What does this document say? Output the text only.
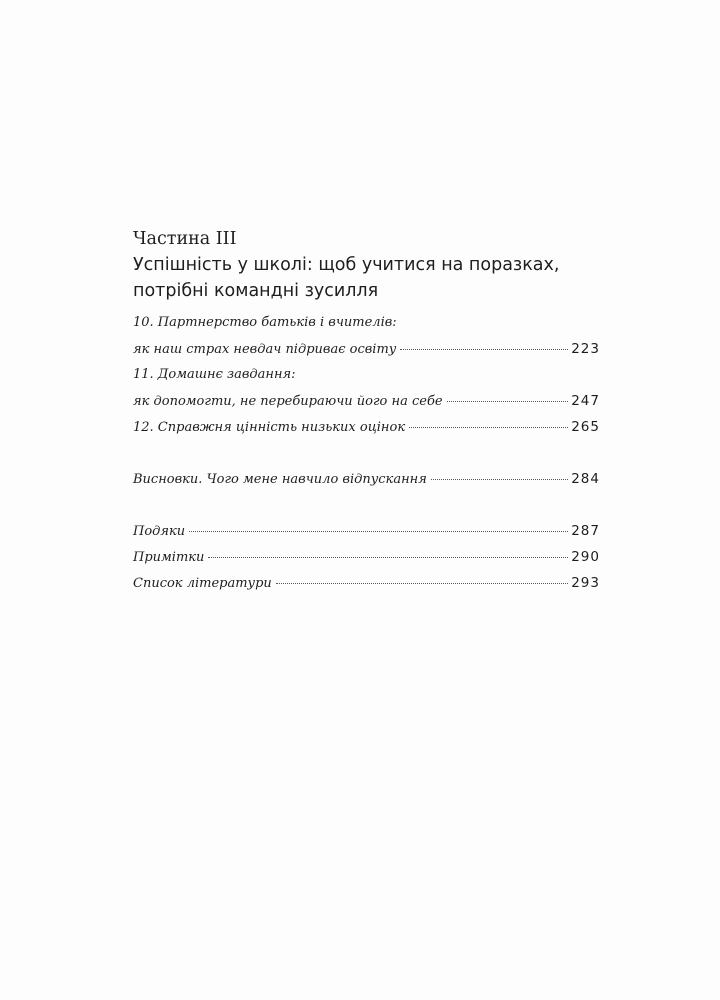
Частина III

Успішність у школі: щоб учитися на поразках,

потрібні командні зусилля

10. Партнерство батьків і вчителів:
як наш страх невдач підриває освіту	223
11. Домашнє завдання:
як допомогти, не перебираючи його на себе	247
12. Справжня цінність низьких оцінок	265
Висновки. Чого мене навчило відпускання	284
Подяки	287
Примітки	290
Список літератури	293
